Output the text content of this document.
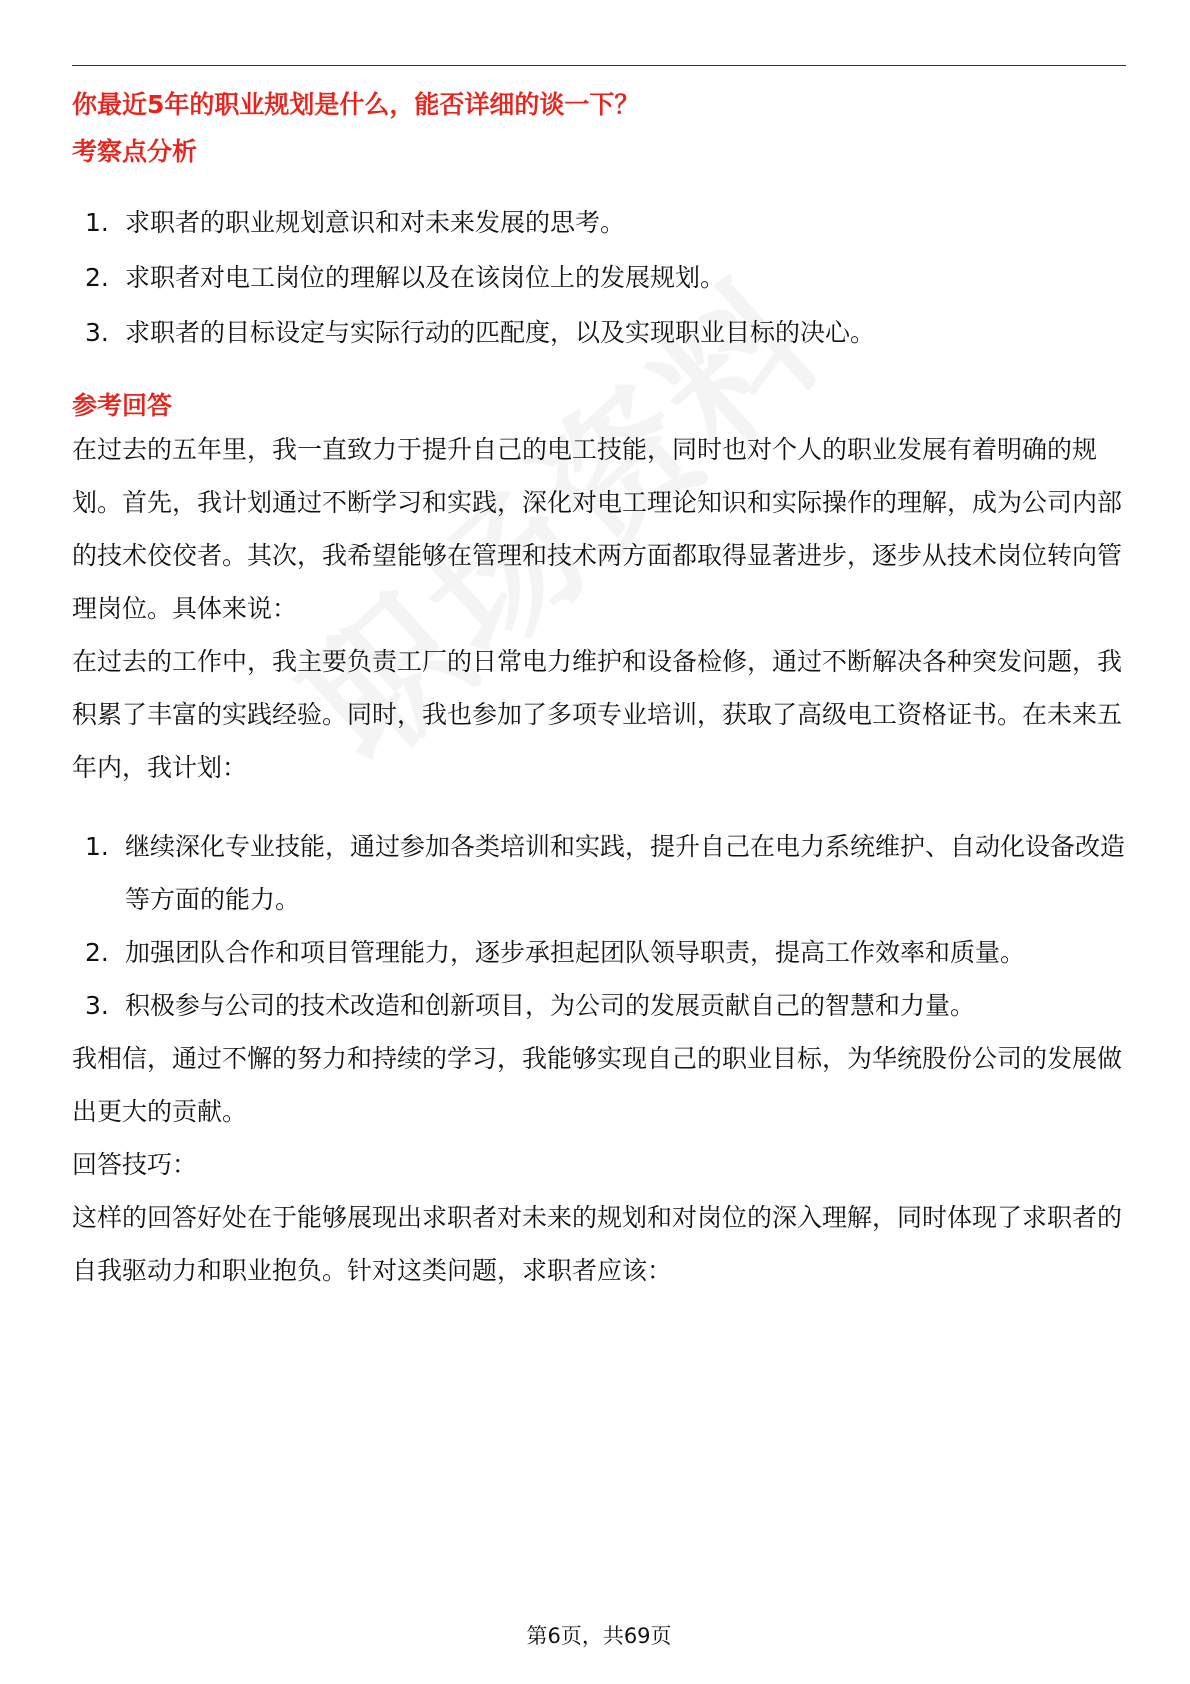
你最近5年的职业规划是什么，能否详细的谈一下？

考察点分析

1. 求职者的职业规划意识和对未来发展的思考。
2. 求职者对电工岗位的理解以及在该岗位上的发展规划。
3. 求职者的目标设定与实际行动的匹配度，以及实现职业目标的决心。

参考回答

在过去的五年里，我一直致力于提升自己的电工技能，同时也对个人的职业发展有着明确的规划。首先，我计划通过不断学习和实践，深化对电工理论知识和实际操作的理解，成为公司内部的技术佼佼者。其次，我希望能够在管理和技术两方面都取得显著进步，逐步从技术岗位转向管理岗位。具体来说：

在过去的工作中，我主要负责工厂的日常电力维护和设备检修，通过不断解决各种突发问题，我积累了丰富的实践经验。同时，我也参加了多项专业培训，获取了高级电工资格证书。在未来五年内，我计划：

1. 继续深化专业技能，通过参加各类培训和实践，提升自己在电力系统维护、自动化设备改造等方面的能力。
2. 加强团队合作和项目管理能力，逐步承担起团队领导职责，提高工作效率和质量。
3. 积极参与公司的技术改造和创新项目，为公司的发展贡献自己的智慧和力量。

我相信，通过不懈的努力和持续的学习，我能够实现自己的职业目标，为华统股份公司的发展做出更大的贡献。

回答技巧：

这样的回答好处在于能够展现出求职者对未来的规划和对岗位的深入理解，同时体现了求职者的自我驱动力和职业抱负。针对这类问题，求职者应该：

第6页，共69页
